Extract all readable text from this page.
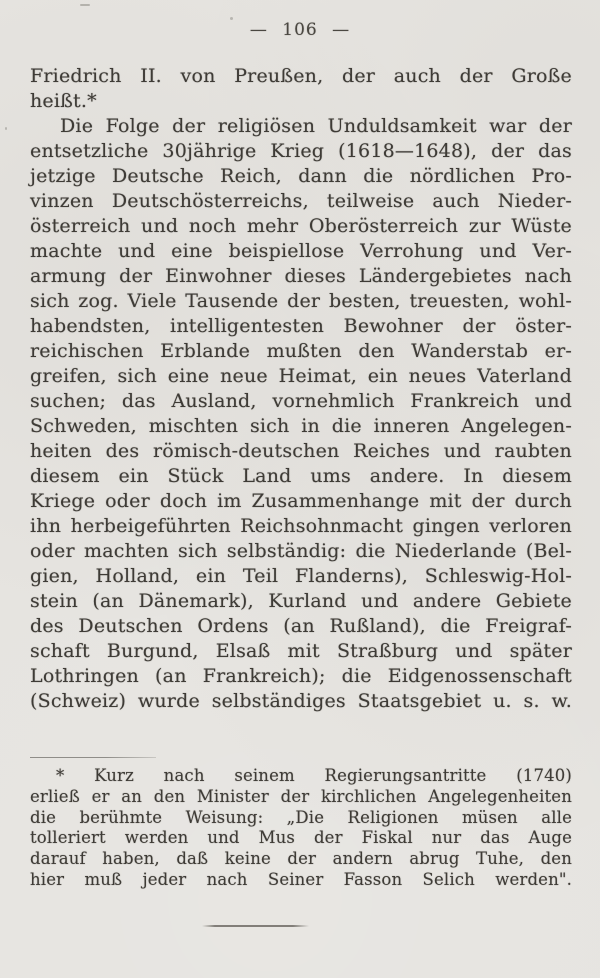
— 106 —

Friedrich II. von Preußen, der auch der Große

heißt.*

Die Folge der religiösen Unduldsamkeit war der

entsetzliche 30jährige Krieg (1618—1648), der das

jetzige Deutsche Reich, dann die nördlichen Pro-

vinzen Deutschösterreichs, teilweise auch Nieder-

österreich und noch mehr Oberösterreich zur Wüste

machte und eine beispiellose Verrohung und Ver-

armung der Einwohner dieses Ländergebietes nach

sich zog. Viele Tausende der besten, treuesten, wohl-

habendsten, intelligentesten Bewohner der öster-

reichischen Erblande mußten den Wanderstab er-

greifen, sich eine neue Heimat, ein neues Vaterland

suchen; das Ausland, vornehmlich Frankreich und

Schweden, mischten sich in die inneren Angelegen-

heiten des römisch-deutschen Reiches und raubten

diesem ein Stück Land ums andere. In diesem

Kriege oder doch im Zusammenhange mit der durch

ihn herbeigeführten Reichsohnmacht gingen verloren

oder machten sich selbständig: die Niederlande (Bel-

gien, Holland, ein Teil Flanderns), Schleswig-Hol-

stein (an Dänemark), Kurland und andere Gebiete

des Deutschen Ordens (an Rußland), die Freigraf-

schaft Burgund, Elsaß mit Straßburg und später

Lothringen (an Frankreich); die Eidgenossenschaft

(Schweiz) wurde selbständiges Staatsgebiet u. s. w.

* Kurz nach seinem Regierungsantritte (1740)

erließ er an den Minister der kirchlichen Angelegenheiten

die berühmte Weisung: „Die Religionen müsen alle

tolleriert werden und Mus der Fiskal nur das Auge

darauf haben, daß keine der andern abrug Tuhe, den

hier muß jeder nach Seiner Fasson Selich werden".
